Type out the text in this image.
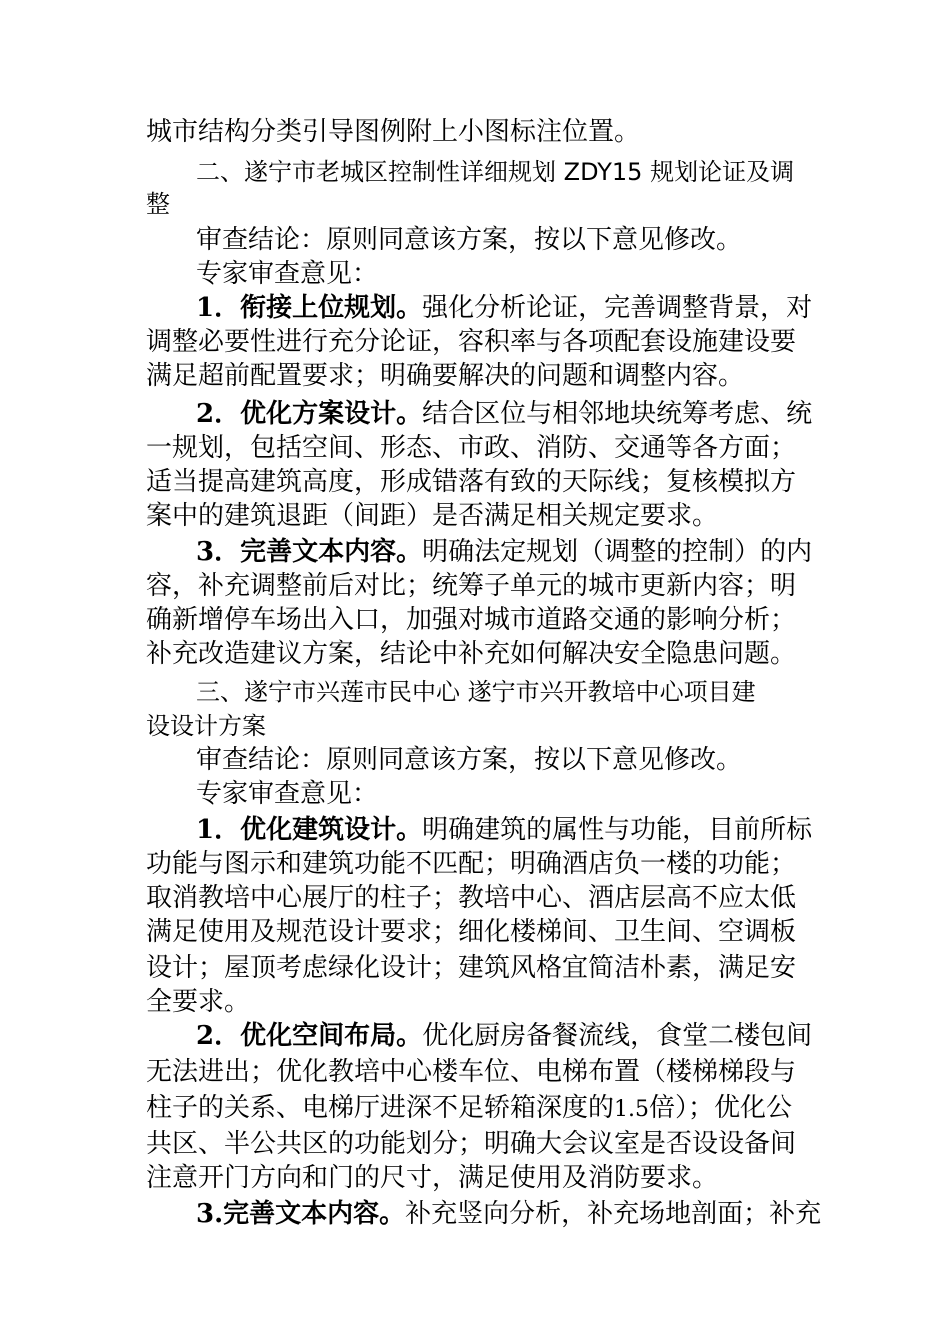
城市结构分类引导图例附上小图标注位置。
二、遂宁市老城区控制性详细规划 ZDY15 规划论证及调
整
审查结论：原则同意该方案，按以下意见修改。
专家审查意见：
1．衔接上位规划。强化分析论证，完善调整背景，对
调整必要性进行充分论证，容积率与各项配套设施建设要
满足超前配置要求；明确要解决的问题和调整内容。
2．优化方案设计。结合区位与相邻地块统筹考虑、统
一规划，包括空间、形态、市政、消防、交通等各方面；
适当提高建筑高度，形成错落有致的天际线；复核模拟方
案中的建筑退距（间距）是否满足相关规定要求。
3．完善文本内容。明确法定规划（调整的控制）的内
容，补充调整前后对比；统筹子单元的城市更新内容；明
确新增停车场出入口，加强对城市道路交通的影响分析；
补充改造建议方案，结论中补充如何解决安全隐患问题。
三、遂宁市兴莲市民中心 遂宁市兴开教培中心项目建
设设计方案
审查结论：原则同意该方案，按以下意见修改。
专家审查意见：
1．优化建筑设计。明确建筑的属性与功能，目前所标
功能与图示和建筑功能不匹配；明确酒店负一楼的功能；
取消教培中心展厅的柱子；教培中心、酒店层高不应太低
满足使用及规范设计要求；细化楼梯间、卫生间、空调板
设计；屋顶考虑绿化设计；建筑风格宜简洁朴素，满足安
全要求。
2．优化空间布局。优化厨房备餐流线，食堂二楼包间
无法进出；优化教培中心楼车位、电梯布置（楼梯梯段与
柱子的关系、电梯厅进深不足轿箱深度的1.5倍）；优化公
共区、半公共区的功能划分；明确大会议室是否设设备间
注意开门方向和门的尺寸，满足使用及消防要求。
3.完善文本内容。补充竖向分析，补充场地剖面；补充
